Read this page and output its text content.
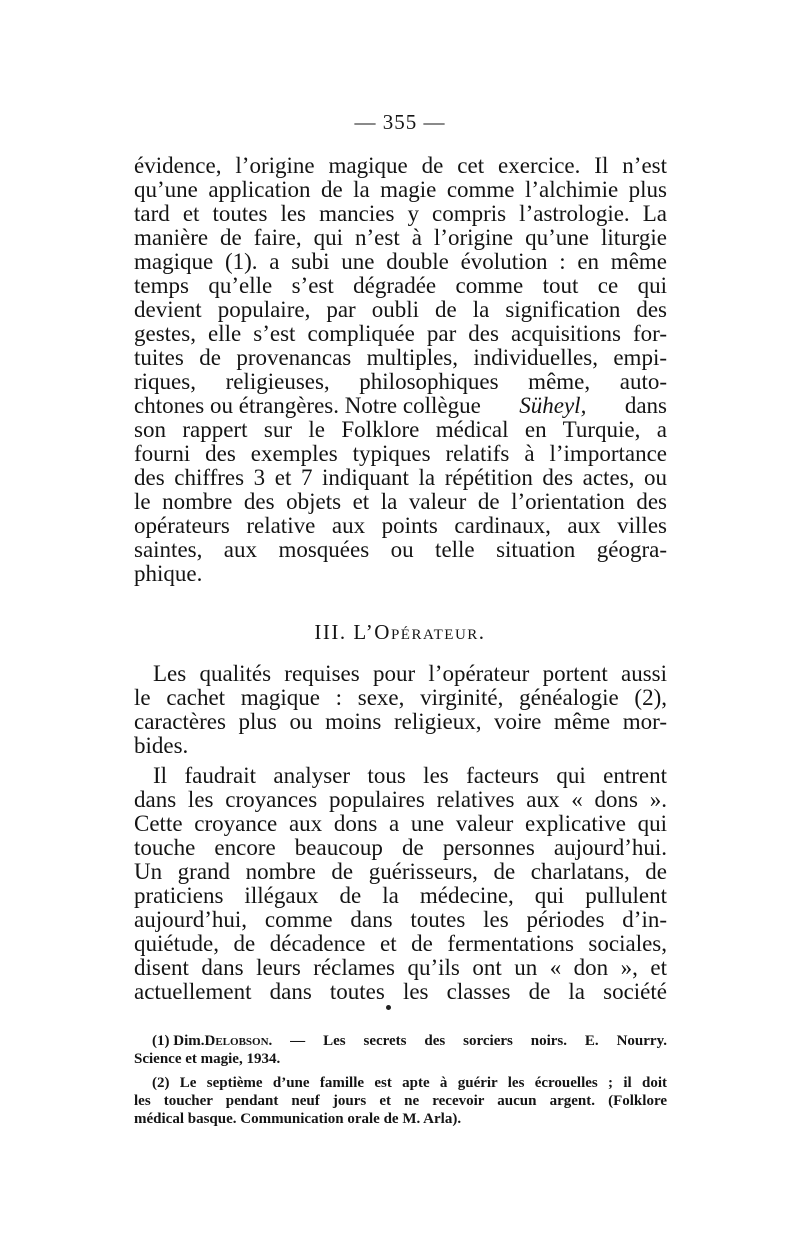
— 355 —
évidence, l’origine magique de cet exercice. Il n’est
qu’une application de la magie comme l’alchimie plus
tard et toutes les mancies y compris l’astrologie. La
manière de faire, qui n’est à l’origine qu’une liturgie
magique (1). a subi une double évolution : en même
temps qu’elle s’est dégradée comme tout ce qui
devient populaire, par oubli de la signification des
gestes, elle s’est compliquée par des acquisitions for-
tuites de provenancas multiples, individuelles, empi-
riques, religieuses, philosophiques même, auto-
chtones ou étrangères. Notre collègue Süheyl, dans
son rappert sur le Folklore médical en Turquie, a
fourni des exemples typiques relatifs à l’importance
des chiffres 3 et 7 indiquant la répétition des actes, ou
le nombre des objets et la valeur de l’orientation des
opérateurs relative aux points cardinaux, aux villes
saintes, aux mosquées ou telle situation géogra-
phique.
III. L’Opérateur.
Les qualités requises pour l’opérateur portent aussi
le cachet magique : sexe, virginité, généalogie (2),
caractères plus ou moins religieux, voire même mor-
bides.
Il faudrait analyser tous les facteurs qui entrent
dans les croyances populaires relatives aux « dons ».
Cette croyance aux dons a une valeur explicative qui
touche encore beaucoup de personnes aujourd’hui.
Un grand nombre de guérisseurs, de charlatans, de
praticiens illégaux de la médecine, qui pullulent
aujourd’hui, comme dans toutes les périodes d’in-
quiétude, de décadence et de fermentations sociales,
disent dans leurs réclames qu’ils ont un « don », et
actuellement dans toutes les classes de la société
(1) Dim. Delobson . — Les secrets des sorciers noirs. E. Nourry.
Science et magie, 1934.
(2) Le septième d’une famille est apte à guérir les écrouelles ; il doit
les toucher pendant neuf jours et ne recevoir aucun argent. (Folklore
médical basque. Communication orale de M. Arla).
